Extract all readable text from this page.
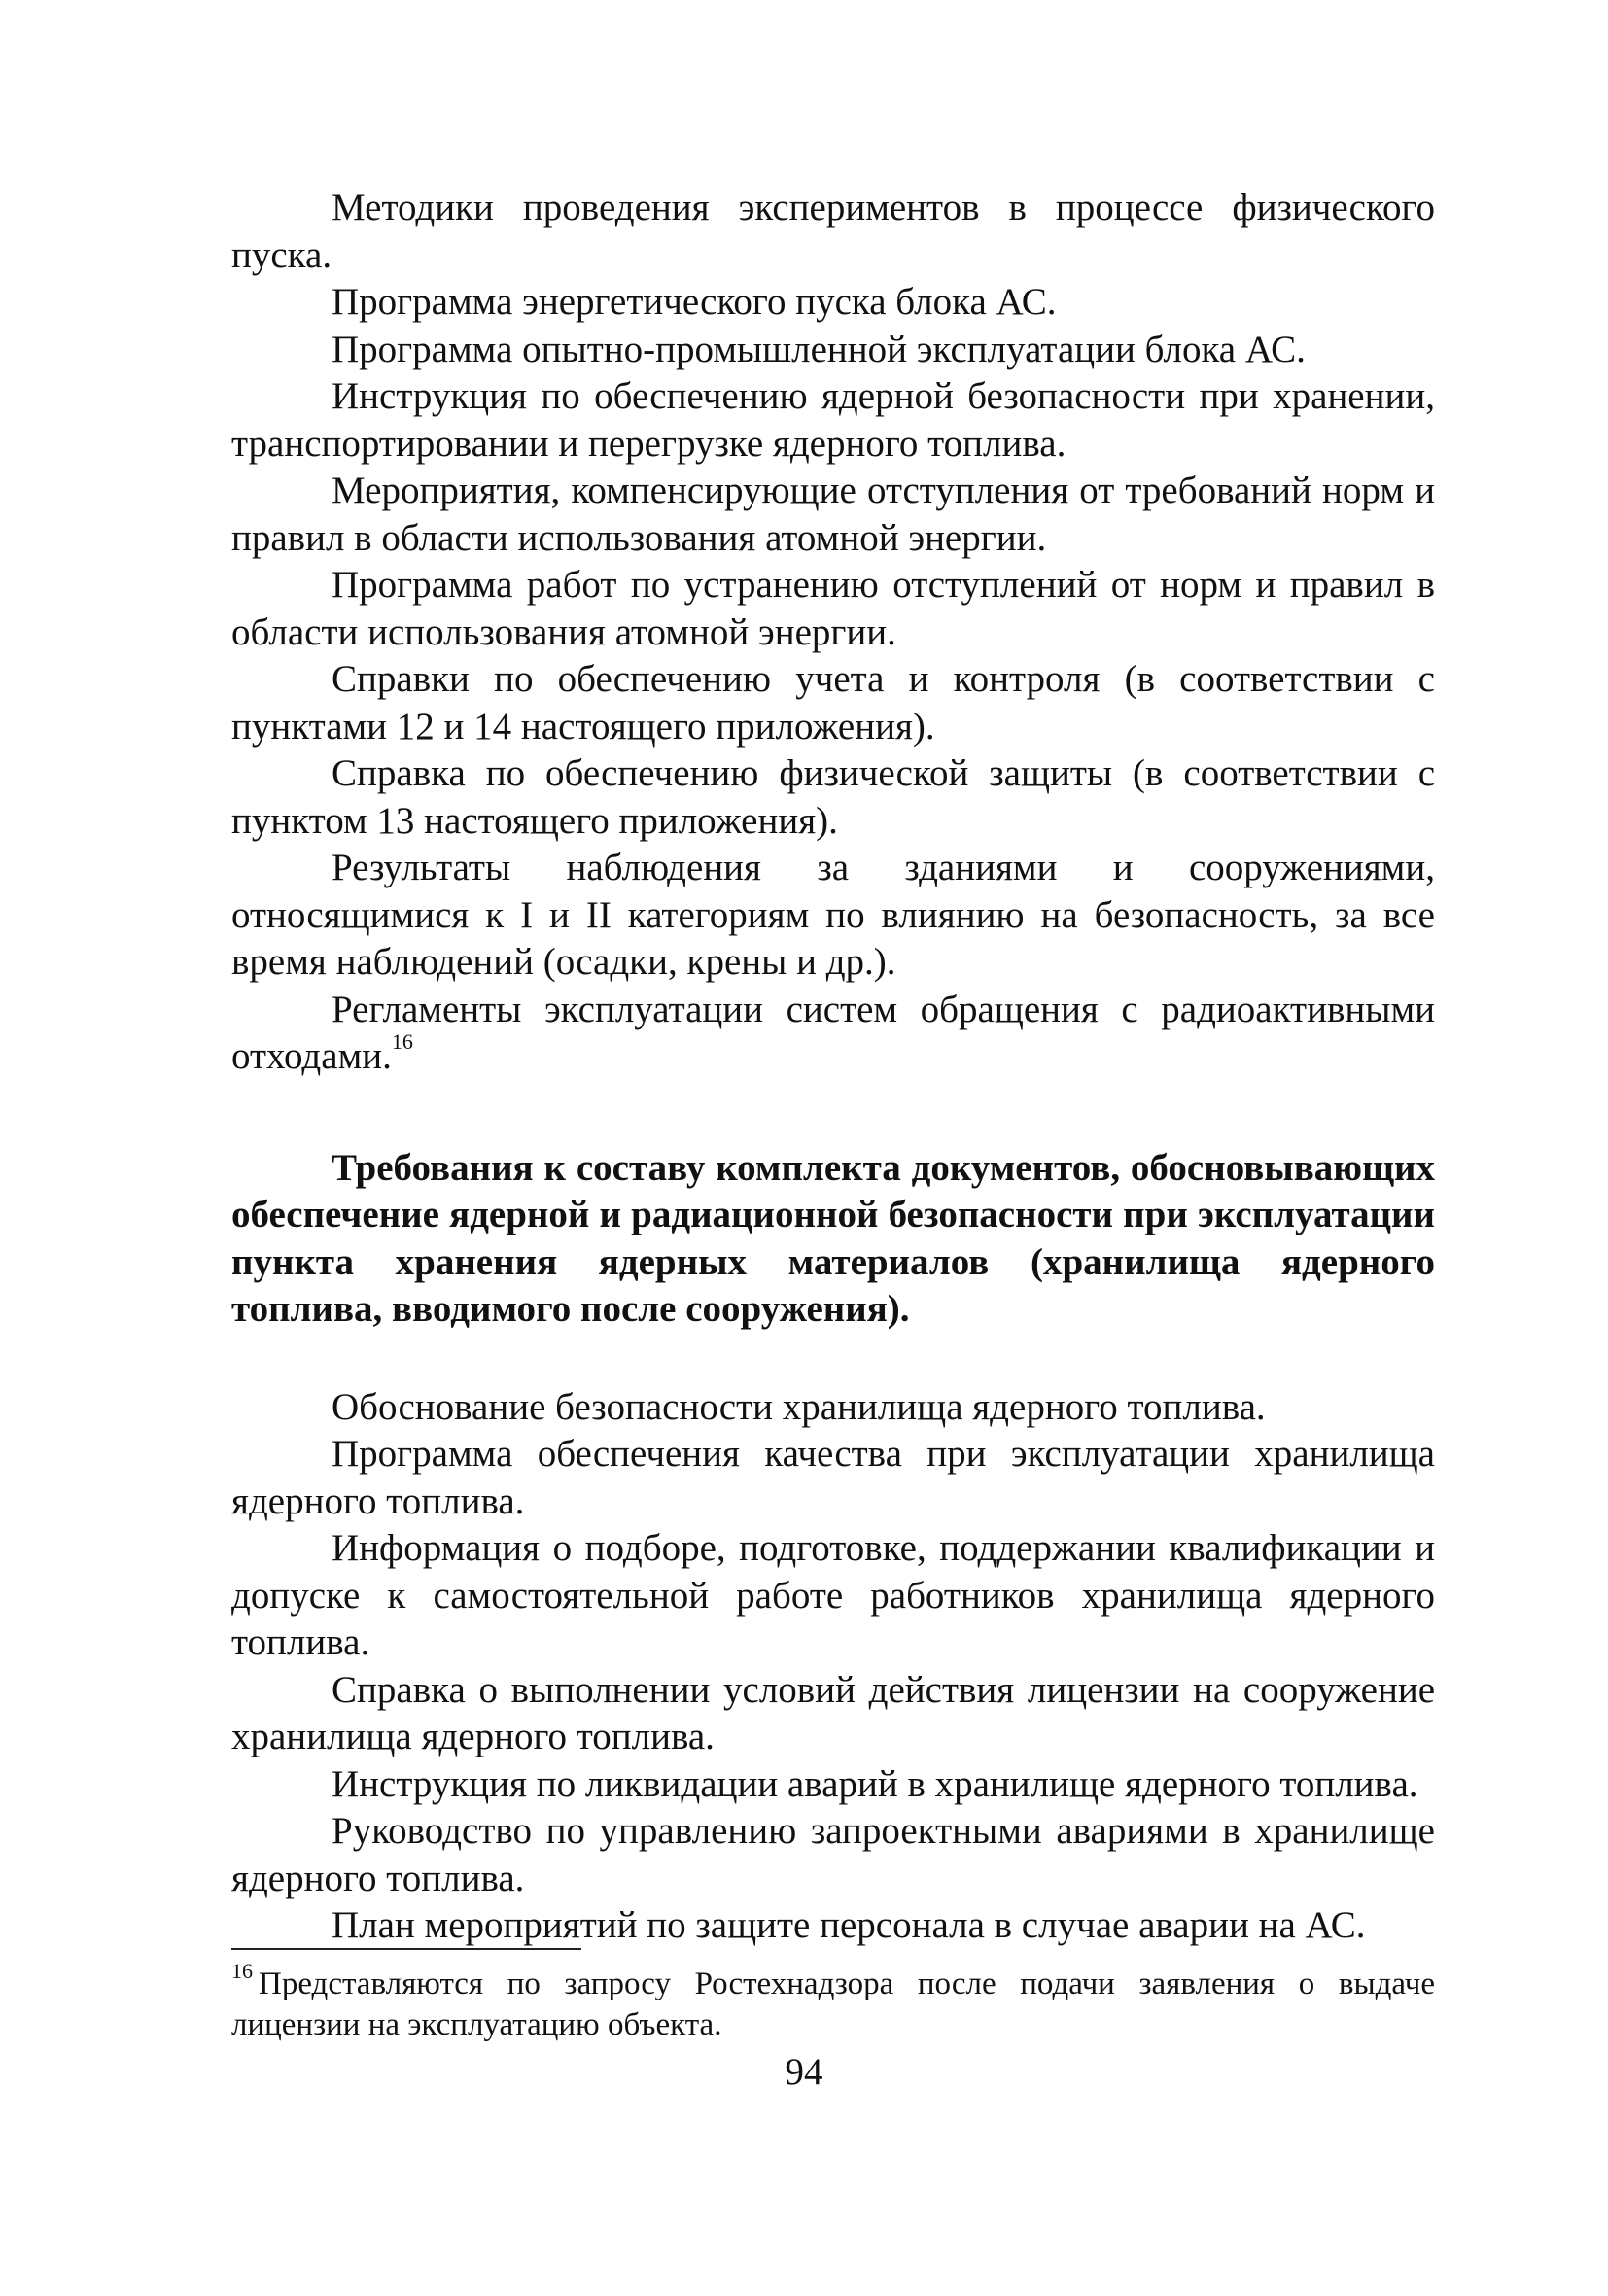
Методики проведения экспериментов в процессе физического пуска.

Программа энергетического пуска блока АС.

Программа опытно-промышленной эксплуатации блока АС.

Инструкция по обеспечению ядерной безопасности при хранении, транспортировании и перегрузке ядерного топлива.

Мероприятия, компенсирующие отступления от требований норм и правил в области использования атомной энергии.

Программа работ по устранению отступлений от норм и правил в области использования атомной энергии.

Справки по обеспечению учета и контроля (в соответствии с пунктами 12 и 14 настоящего приложения).

Справка по обеспечению физической защиты (в соответствии с пунктом 13 настоящего приложения).

Результаты наблюдения за зданиями и сооружениями, относящимися к I и II категориям по влиянию на безопасность, за все время наблюдений (осадки, крены и др.).

Регламенты эксплуатации систем обращения с радиоактивными отходами.$^{16}$

Требования к составу комплекта документов, обосновывающих обеспечение ядерной и радиационной безопасности при эксплуатации пункта хранения ядерных материалов (хранилища ядерного топлива, вводимого после сооружения).

Обоснование безопасности хранилища ядерного топлива.

Программа обеспечения качества при эксплуатации хранилища ядерного топлива.

Информация о подборе, подготовке, поддержании квалификации и допуске к самостоятельной работе работников хранилища ядерного топлива.

Справка о выполнении условий действия лицензии на сооружение хранилища ядерного топлива.

Инструкция по ликвидации аварий в хранилище ядерного топлива.

Руководство по управлению запроектными авариями в хранилище ядерного топлива.

План мероприятий по защите персонала в случае аварии на АС.

$^{16}$ Представляются по запросу Ростехнадзора после подачи заявления о выдаче лицензии на эксплуатацию объекта.
94
